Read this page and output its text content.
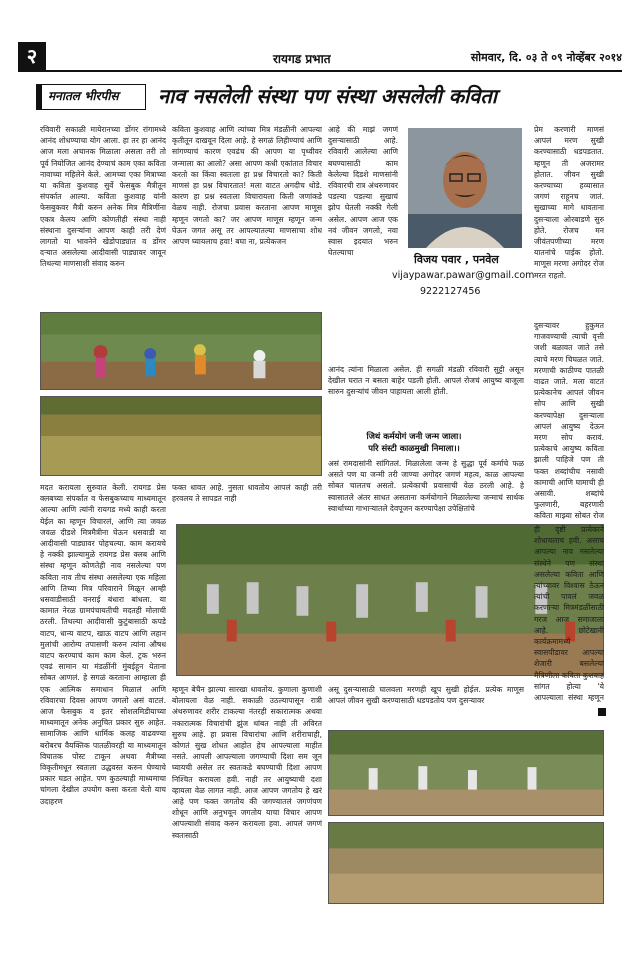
२	रायगड प्रभात	सोमवार, दि. ०३ ते ०९ नोव्हेंबर २०१४
मनातल भीरपीस	नाव नसलेली संस्था पण संस्था असलेली कविता

रविवारी सकाळी मायेरानच्या डोंगर रांगामध्ये आनंद शोधण्याचा योग आला. हा तर हा आनंद आज मला अचानक मिळाला असला तरी तो पूर्व नियोजित आनंद देण्याचं काम एका कविता नावाच्या महिलेने केले. आमच्या एका मित्राच्या या कविता कुशवाह सुर्वे फेसबुक मैत्रीतून संपर्कात आल्या. कविता कुशवाह यांनी फेसबुकवर मैत्री करुन अनेक मित्र मैत्रिणींना एकत्र केलय आणि कोणतीही संस्था नाही संस्थाना दुसऱ्यांना आपण काही तरी देणं लागतो या भावनेने खेडोपाड्यात व डोंगर दऱ्यात असलेल्या आदीवासी पाड्यावर जावून तिथल्या माणसाशी संवाद करुन

कविता कुशवाह आणि त्यांच्या मित्र मंडळीनी आपल्या कृतीतून दाखवून दिला आहे. हे सगळं लिहीण्याचं आणि सांगण्याचं कारण एवढंच की आपण या पृथ्वीवर जन्माला का आलो? असा आपण कधी एकांतात विचार करतो का किंवा स्वतःला हा प्रश्न विचारतो का? किती माणसं हा प्रश्न विचारतात! मला वाटत अगदीच थोडे. कारण हा प्रश्न स्वतःला विचारायला किती जणांकडे वेळच नाही. रोजचा प्रवास करताना आपण माणूस म्हणून जगतो का? जर आपण माणूस म्हणून जन्म घेऊन जगत असू तर आपल्यातल्या माणसाचा शोध आपण घ्यायलाच हवा! बघा ना, प्रत्येकजन

आहे की माझं जगणं दुसऱ्यासाठी आहे. रविवारी आलेल्या आणि बघण्यासाठी काम केलेल्या दिडशे माणसांनी रविवारची रात्र अंथरुणावर पडल्या पडल्या सुखाचं झोप घेतली नक्की गेली असेल. आपण आज एक नवं जीवन जगलो, नवा स्वास इदयात भरुन घेतल्याचा

प्रेम करणारी माणसं आपलं मरण सुखी करण्यासाठी धडपडतात. म्हणून ती अजरामर होतात. जीवन सुखी करण्याच्या हव्यासात जगणं राहूनच जातं. सुखाच्या मागे धावताना दुसऱ्याला ओरबाडणे सुरु होते. रोजच मन जीवंतपणीच्या मरण यातनांचे पाईक होतो. माणूस मरणा अगोदर रोज मरत राहतो.

विजय पवार , पनवेल
vijaypawar.pawar@gmail.com
9222127456

आनंद त्यांना मिळाला असेल. ही सगळी मंडळी रविवारी सुट्टी असून देखील घरात न बसता बाहेर पडली होती. आपलं रोजचं आयुष्य बाजूला सारुन दुसऱ्यांचं जीवन पाहायला आली होती.

जिथं कर्मयोगं जनी जन्म जाला।
परि संस्टी काळमुखी निमाला।।

असं रामदासांनी सांगितलं. मिळालेला जन्म हे सुद्धा पूर्व कर्माचे फळ असते पण या जन्मी तरी जाण्या अगोदर जगणं महत्व, काळ आपल्या सोबत चालतच असतो. प्रत्येकाची प्रवासाची वेळ ठरली आहे. हे स्वासातले अंतर साधत असताना कर्मयोगाने मिळालेल्या जन्माचं सार्थक स्वार्थाच्या गाभाऱ्यातले देवपूजन करण्यापेक्षा उपेक्षितांचे

दुसऱ्यावर हुकुमत गाजवण्याची त्याची वृत्ती जशी बळावत जाते तसे त्याचे मरण चिघळत जाते. मरणाची काठीण्य पातळी वाढत जाते. मला वाटतं प्रत्येकानेच आपलं जीवन सोप आणि सुखी करण्यापेक्षा दुसऱ्याला आपलं आयुष्य देऊन मरण सोप करावं. प्रत्येकाचे आयुष्य कविता झाली पाहिजे पण ती फक्त शब्दांचीच नसावी कामाची आणि घामाची ही असावी. शब्दांचे फुलणारी, बहरणारी कविता माझ्या सोबत रोज

मदत करायला सुरुवात केली. रायगड प्रेस क्लबच्या संपर्कात व फेसबुकच्याच माध्यमातून आल्या आणि त्यांनी रायगड मध्ये काही करता येईल का म्हणून विचारलं, आणि त्या जवळ जवळ दीडशे मित्रमैत्रीना घेऊन धसवाडी या आदीवासी पाड्यावर पोहचल्या. काम करायचे हे नक्की झाल्यामुळे रायगड प्रेस क्लब आणि संस्था म्हणून कोणतेही नाव नसलेल्या पण कविता नाव तीच संस्था असलेल्या एक महिला आणि तिच्या मित्र परिवाराने मिळून आम्ही धसवाडीसाठी वनराई बंधारा बांधला. या कामात नेरळ ग्रामपंचायतीची मदतही मोलाची ठरली. तिथल्या आदीवासी कुटुंबासाठी कपडे वाटप, धान्य वाटप, खाऊ वाटप आणि लहान मुलांची आरोग्य तपासणी करुन त्यांना औषध वाटप करण्याचं काम काम केलं. ट्रक भरुन एवढं सामान या मंडळींनी मुंबईहून येताना सोबत आणलं. हे सगळं करताना आम्हाला ही एक आत्मिक समाधान मिळालं आणि रविवारचा दिवस आपण जगलो असं वाटलं. आज फेसबुक व इतर सोशलमिडीयाच्या माध्यमातून अनेक अनुचित प्रकार सुरु आहेत. सामाजिक आणि धार्मिक कलह वाढवण्या बरोबरच वैयक्तिक पातळीवरही या माध्यमातून विघातक पोस्ट टाकून अथवा मैत्रीच्या विकृतीमधून स्वतःला उद्धवस्त करुन घेण्याचे प्रकार घडत आहेत. पण कुठल्याही माध्यमाचा चांगला देखील उपयोग कसा करता येतो याच उदाहरण

फक्त धावत आहे. नुसता धावतोय आपलं काही तरी हरवलय ते सापडत नाही

म्हणून बेचैन झाल्या सारखा धावतोय. कुणाला कुणाशी बोलायला वेळ नाही. सकाळी उठल्यापासून रात्री अंथरुणावर शरीर टाकल्या नंतरही सकारात्मक अथवा नकारात्मक विचारांची झुंज थांबत नाही ती अविरत सुरुच आहे. हा प्रवास विचारांचा आणि शरीराचाही, कोणतं सुख शोधत आहोत हेच आपल्याला माहीत नसते. आपली आपल्याला जगण्याची दिशा सम जून घ्यायची असेल तर स्वतःकडे बघण्याची दिशा आपण निश्चित करायला हवी. नाही तर आयुष्याची दशा व्हायला वेळ लागत नाही. आज आपण जगतोय हे खरं आहे पण फक्त जगतोय की जगण्यातलं जगणंपण शोधून आणि अनुभवून जगतोय याचा विचार आपण आपल्याशी संवाद करुन करायला हवा. आपलं जगणं स्वतःसाठी

असू दुसऱ्यासाठी घालवला मरणही खूप सुखी होईल. प्रत्येक माणूस आपलं जीवन सुखी करण्यासाठी धडपडतोय पण दुसऱ्यावर

ही दृष्टी प्रत्येकाने शोधायलाच हवी. असाच आपल्या नाव नसलेल्या संस्थेने पण संस्था असलेल्या कविता आणि त्यांच्यावर विश्वास ठेऊन त्यांची पावलं जवळ करणाऱ्या मित्रमंडळींसाठी गरज आज समाजाला आहे. छोटेखानी कार्यक्रमामध्ये स्वासपीडावर आपल्या शेजारी बसलेल्या मैत्रिणीला कविता कुशवाह सांगत होत्या 'ये आपल्याला संस्था म्हणून
